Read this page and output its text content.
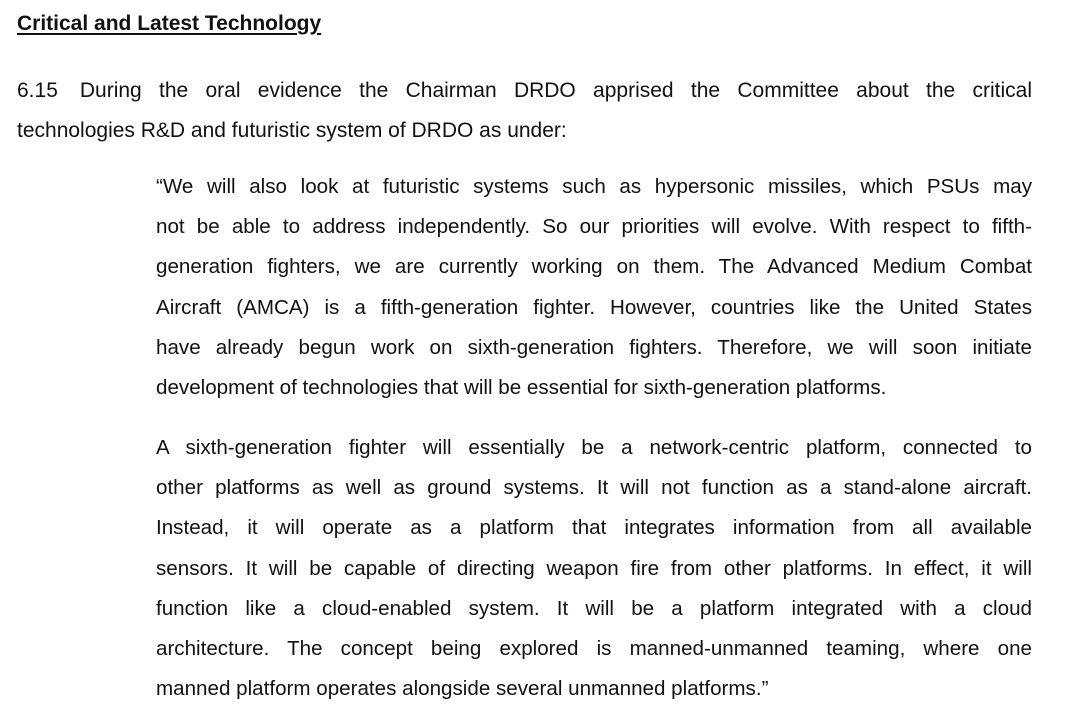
Critical and Latest Technology

6.15 During the oral evidence the Chairman DRDO apprised the Committee about the critical
technologies R&D and futuristic system of DRDO as under:

“We will also look at futuristic systems such as hypersonic missiles, which PSUs may
not be able to address independently. So our priorities will evolve. With respect to fifth-
generation fighters, we are currently working on them. The Advanced Medium Combat
Aircraft (AMCA) is a fifth-generation fighter. However, countries like the United States
have already begun work on sixth-generation fighters. Therefore, we will soon initiate
development of technologies that will be essential for sixth-generation platforms.

A sixth-generation fighter will essentially be a network-centric platform, connected to
other platforms as well as ground systems. It will not function as a stand-alone aircraft.
Instead, it will operate as a platform that integrates information from all available
sensors. It will be capable of directing weapon fire from other platforms. In effect, it will
function like a cloud-enabled system. It will be a platform integrated with a cloud
architecture. The concept being explored is manned-unmanned teaming, where one
manned platform operates alongside several unmanned platforms.”
